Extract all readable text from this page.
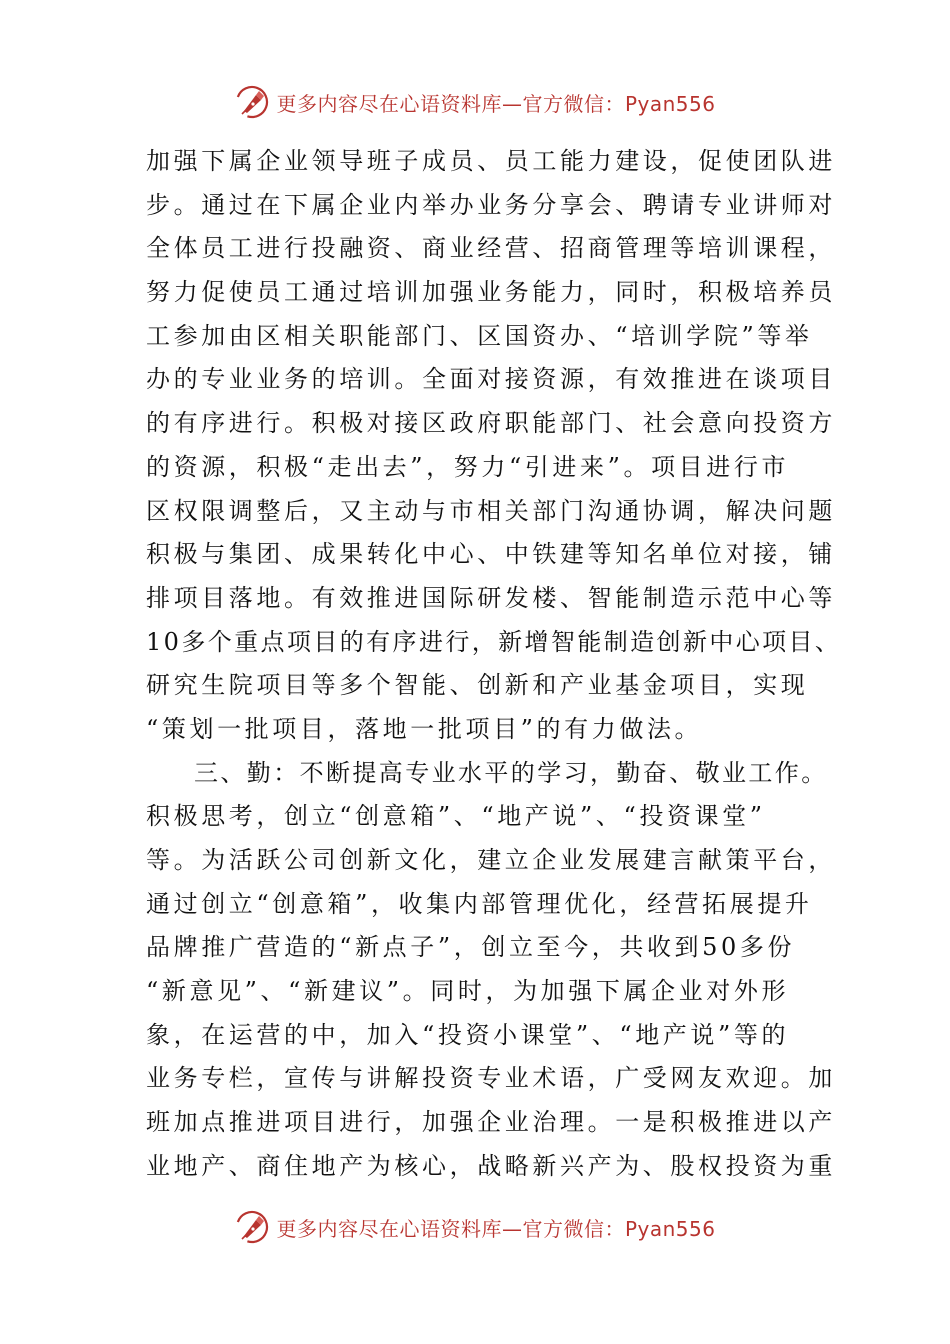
更多内容尽在心语资料库—官方微信：Pyan556
加强下属企业领导班子成员、员工能力建设，促使团队进
步。通过在下属企业内举办业务分享会、聘请专业讲师对
全体员工进行投融资、商业经营、招商管理等培训课程，
努力促使员工通过培训加强业务能力，同时，积极培养员
工参加由区相关职能部门、区国资办、“培训学院”等举
办的专业业务的培训。全面对接资源，有效推进在谈项目
的有序进行。积极对接区政府职能部门、社会意向投资方
的资源，积极“走出去”，努力“引进来”。项目进行市
区权限调整后，又主动与市相关部门沟通协调，解决问题
积极与集团、成果转化中心、中铁建等知名单位对接，铺
排项目落地。有效推进国际研发楼、智能制造示范中心等
10多个重点项目的有序进行，新增智能制造创新中心项目、
研究生院项目等多个智能、创新和产业基金项目，实现
“策划一批项目，落地一批项目”的有力做法。
三、勤：不断提高专业水平的学习，勤奋、敬业工作。
积极思考，创立“创意箱”、“地产说”、“投资课堂”
等。为活跃公司创新文化，建立企业发展建言献策平台，
通过创立“创意箱”，收集内部管理优化，经营拓展提升
品牌推广营造的“新点子”，创立至今，共收到50多份
“新意见”、“新建议”。同时，为加强下属企业对外形
象，在运营的中，加入“投资小课堂”、“地产说”等的
业务专栏，宣传与讲解投资专业术语，广受网友欢迎。加
班加点推进项目进行，加强企业治理。一是积极推进以产
业地产、商住地产为核心，战略新兴产为、股权投资为重
更多内容尽在心语资料库—官方微信：Pyan556
